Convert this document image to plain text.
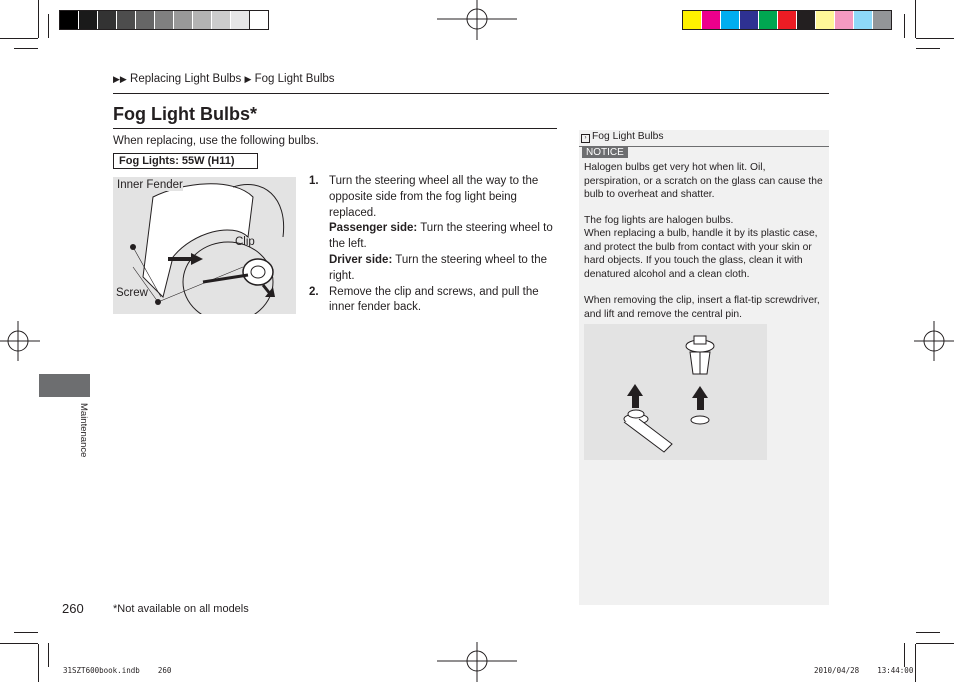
▶▶ Replacing Light Bulbs ▶ Fog Light Bulbs
Fog Light Bulbs*
When replacing, use the following bulbs.
Fog Lights: 55W (H11)
Inner Fender
Clip
Screw
1. Turn the steering wheel all the way to the opposite side from the fog light being replaced.
Passenger side: Turn the steering wheel to the left.
Driver side: Turn the steering wheel to the right.
2. Remove the clip and screws, and pull the inner fender back.
› Fog Light Bulbs
NOTICE
Halogen bulbs get very hot when lit. Oil, perspiration, or a scratch on the glass can cause the bulb to overheat and shatter.
The fog lights are halogen bulbs.
When replacing a bulb, handle it by its plastic case, and protect the bulb from contact with your skin or hard objects. If you touch the glass, clean it with denatured alcohol and a clean cloth.
When removing the clip, insert a flat-tip screwdriver, and lift and remove the central pin.
Maintenance
260	*Not available on all models
31SZT600book.indb    260	2010/04/28    13:44:00
